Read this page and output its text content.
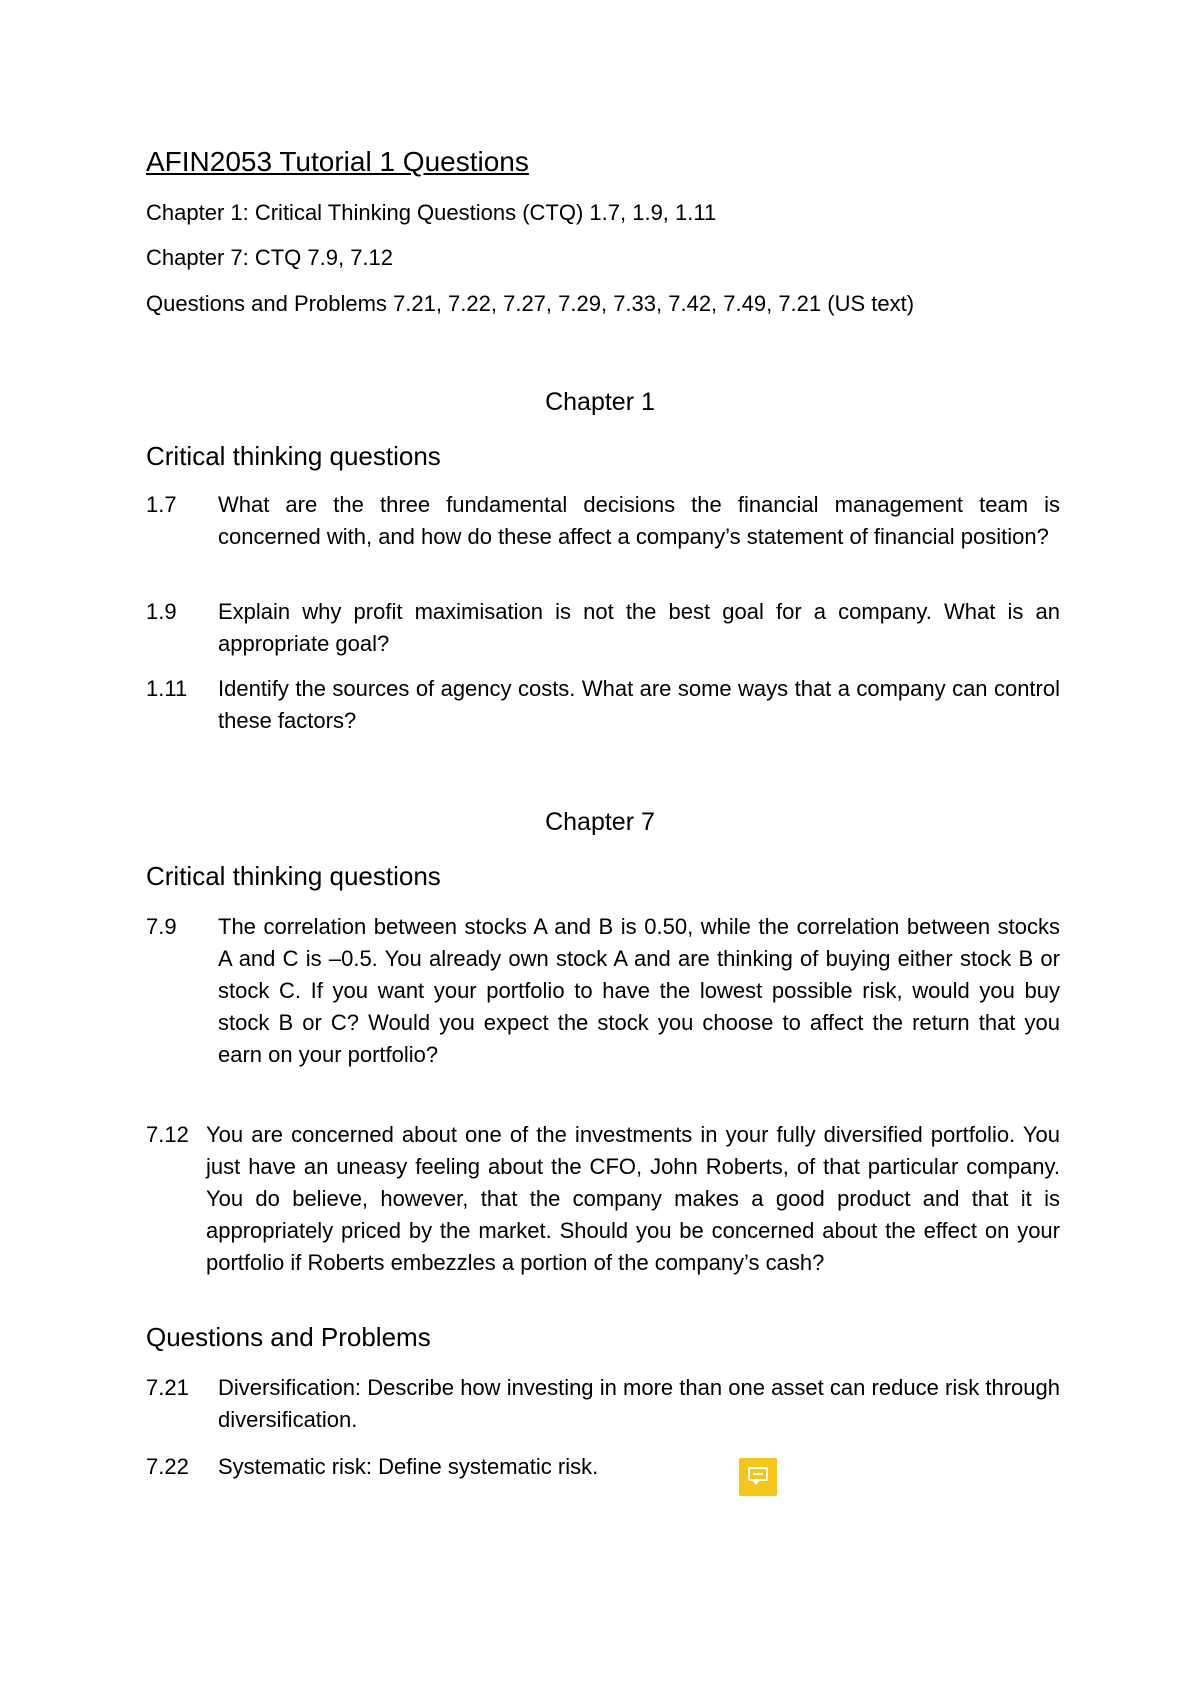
AFIN2053 Tutorial 1 Questions
Chapter 1: Critical Thinking Questions (CTQ) 1.7, 1.9, 1.11
Chapter 7: CTQ 7.9, 7.12
Questions and Problems 7.21, 7.22, 7.27, 7.29, 7.33, 7.42, 7.49, 7.21 (US text)
Chapter 1
Critical thinking questions
1.7 What are the three fundamental decisions the financial management team is concerned with, and how do these affect a company’s statement of financial position?
1.9 Explain why profit maximisation is not the best goal for a company. What is an appropriate goal?
1.11 Identify the sources of agency costs. What are some ways that a company can control these factors?
Chapter 7
Critical thinking questions
7.9 The correlation between stocks A and B is 0.50, while the correlation between stocks A and C is –0.5. You already own stock A and are thinking of buying either stock B or stock C. If you want your portfolio to have the lowest possible risk, would you buy stock B or C? Would you expect the stock you choose to affect the return that you earn on your portfolio?
7.12 You are concerned about one of the investments in your fully diversified portfolio. You just have an uneasy feeling about the CFO, John Roberts, of that particular company. You do believe, however, that the company makes a good product and that it is appropriately priced by the market. Should you be concerned about the effect on your portfolio if Roberts embezzles a portion of the company’s cash?
Questions and Problems
7.21 Diversification: Describe how investing in more than one asset can reduce risk through diversification.
7.22 Systematic risk: Define systematic risk.
